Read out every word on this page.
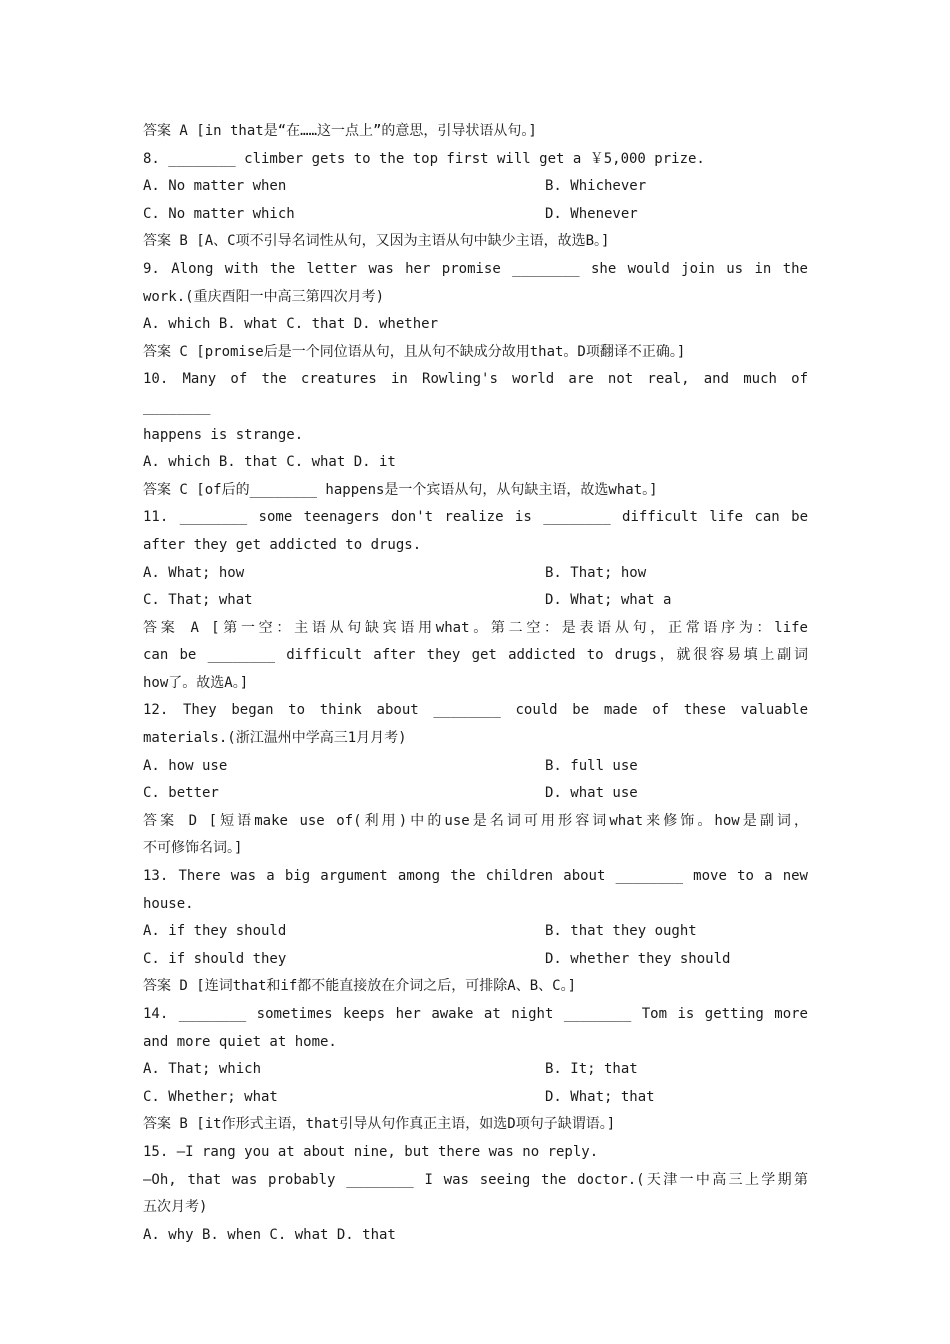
答案 A [in that是“在……这一点上”的意思，引导状语从句。]
8. ________ climber gets to the top first will get a ￥5,000 prize.
A. No matter when	B. Whichever
C. No matter which	D. Whenever
答案 B [A、C项不引导名词性从句，又因为主语从句中缺少主语，故选B。]
9. Along with the letter was her promise ________ she would join us in the
work.(重庆酉阳一中高三第四次月考)
A. which B. what C. that D. whether
答案 C [promise后是一个同位语从句，且从句不缺成分故用that。D项翻译不正确。]
10. Many of the creatures in Rowling's world are not real, and much of ________
happens is strange.
A. which B. that C. what D. it
答案 C [of后的________ happens是一个宾语从句，从句缺主语，故选what。]
11. ________ some teenagers don't realize is ________ difficult life can be
after they get addicted to drugs.
A. What; how	B. That; how
C. That; what	D. What; what a
答案 A [第一空：主语从句缺宾语用what。第二空：是表语从句，正常语序为：life
can be ________ difficult after they get addicted to drugs，就很容易填上副词
how了。故选A。]
12. They began to think about ________ could be made of these valuable
materials.(浙江温州中学高三1月月考)
A. how use	B. full use
C. better	D. what use
答案 D [短语make use of(利用)中的use是名词可用形容词what来修饰。how是副词，
不可修饰名词。]
13. There was a big argument among the children about ________ move to a new
house.
A. if they should	B. that they ought
C. if should they	D. whether they should
答案 D [连词that和if都不能直接放在介词之后，可排除A、B、C。]
14. ________ sometimes keeps her awake at night ________ Tom is getting more
and more quiet at home.
A. That; which	B. It; that
C. Whether; what	D. What; that
答案 B [it作形式主语，that引导从句作真正主语，如选D项句子缺谓语。]
15. —I rang you at about nine, but there was no reply.
—Oh, that was probably ________ I was seeing the doctor.(天津一中高三上学期第
五次月考)
A. why B. when C. what D. that
